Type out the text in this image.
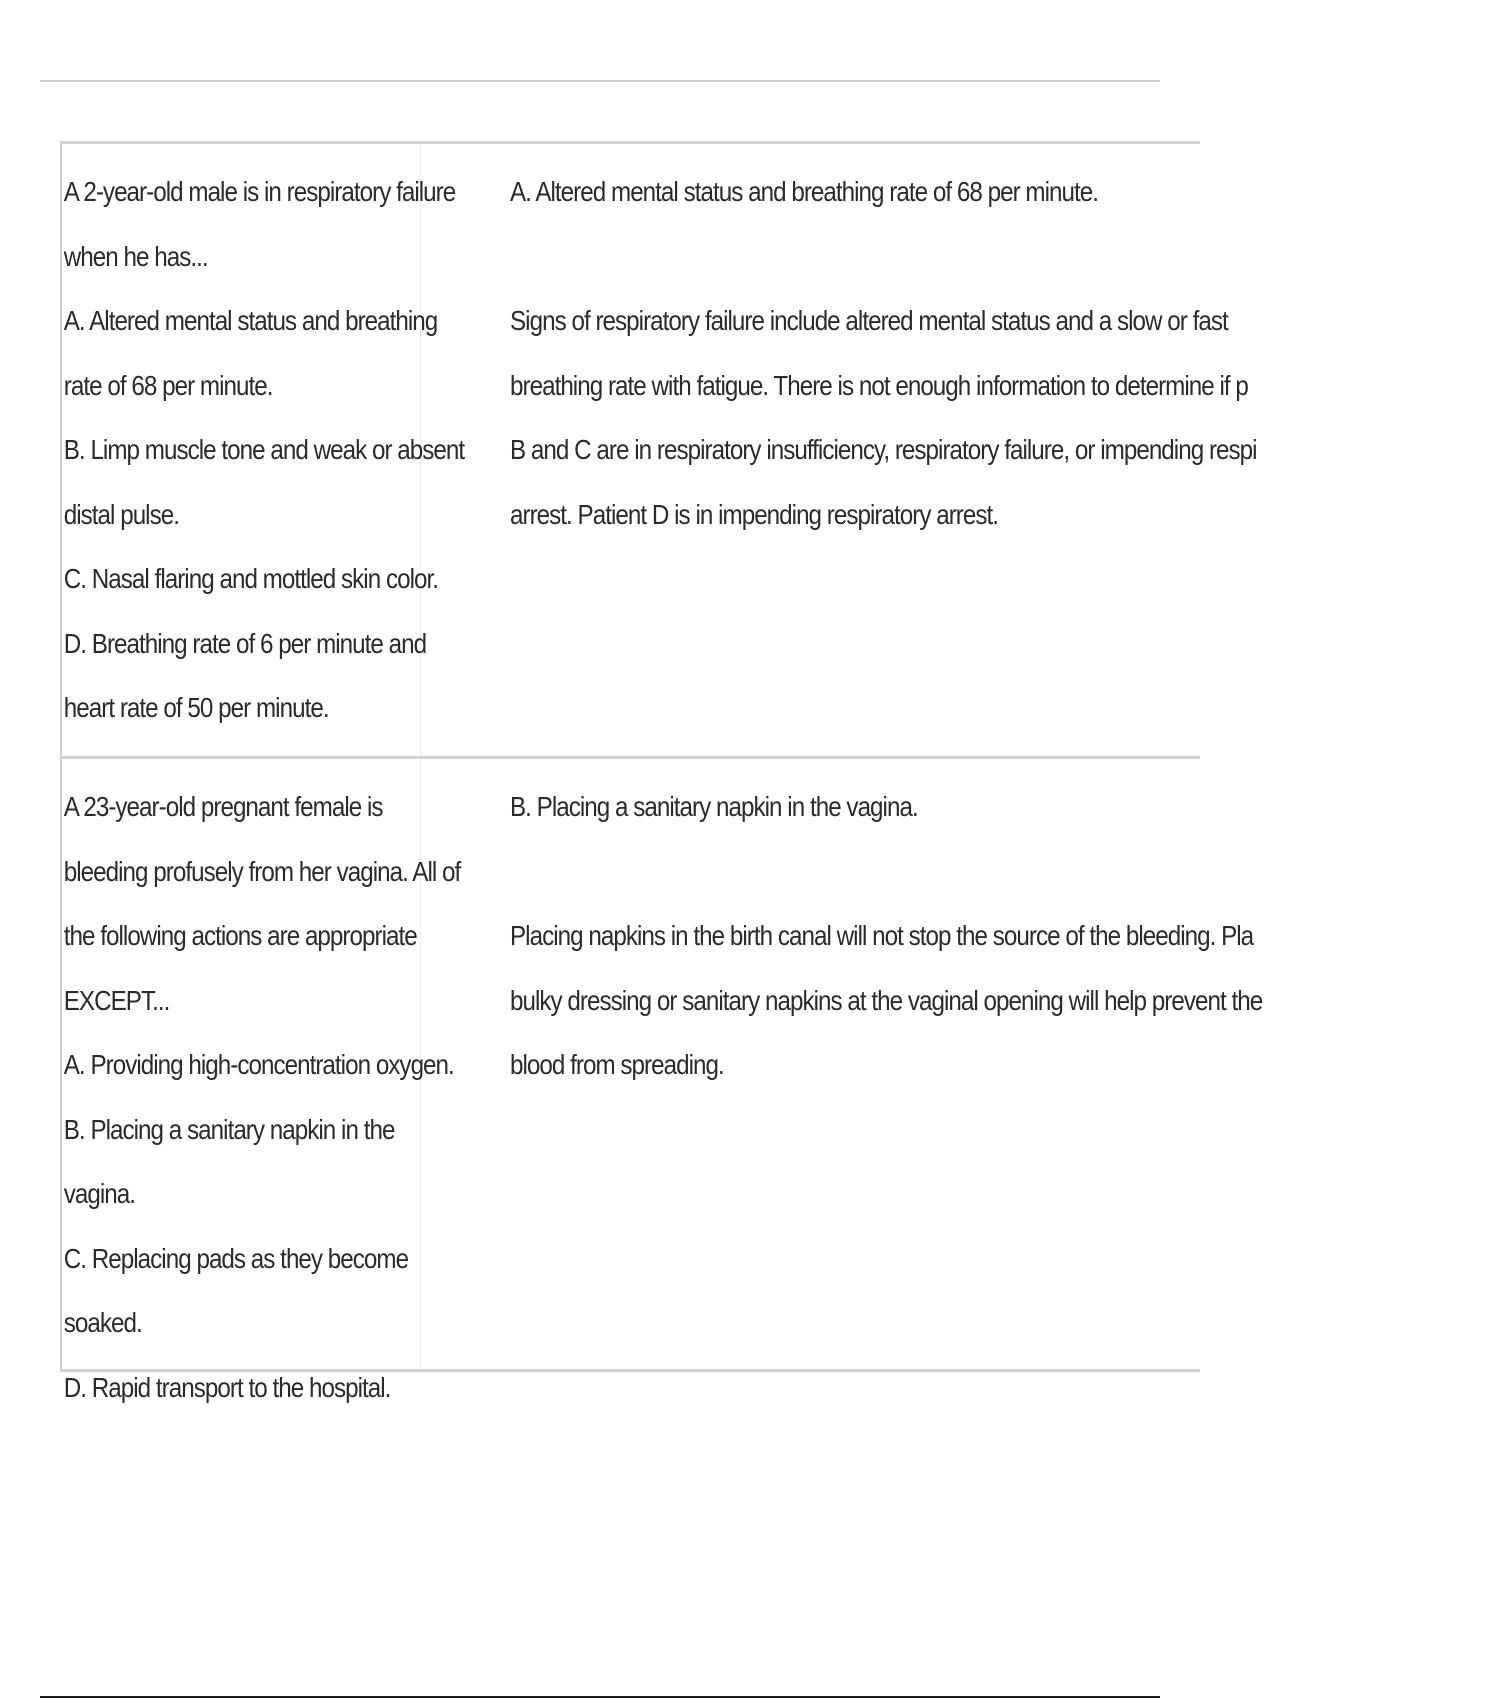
A 2-year-old male is in respiratory failure
when he has...
A. Altered mental status and breathing
rate of 68 per minute.
B. Limp muscle tone and weak or absent
distal pulse.
C. Nasal flaring and mottled skin color.
D. Breathing rate of 6 per minute and
heart rate of 50 per minute.
A. Altered mental status and breathing rate of 68 per minute.
Signs of respiratory failure include altered mental status and a slow or fast
breathing rate with fatigue. There is not enough information to determine if p
B and C are in respiratory insufficiency, respiratory failure, or impending respi
arrest. Patient D is in impending respiratory arrest.
A 23-year-old pregnant female is
bleeding profusely from her vagina. All of
the following actions are appropriate
EXCEPT...
A. Providing high-concentration oxygen.
B. Placing a sanitary napkin in the vagina.
C. Replacing pads as they become
soaked.
D. Rapid transport to the hospital.
B. Placing a sanitary napkin in the vagina.
Placing napkins in the birth canal will not stop the source of the bleeding. Pla
bulky dressing or sanitary napkins at the vaginal opening will help prevent the
blood from spreading.
